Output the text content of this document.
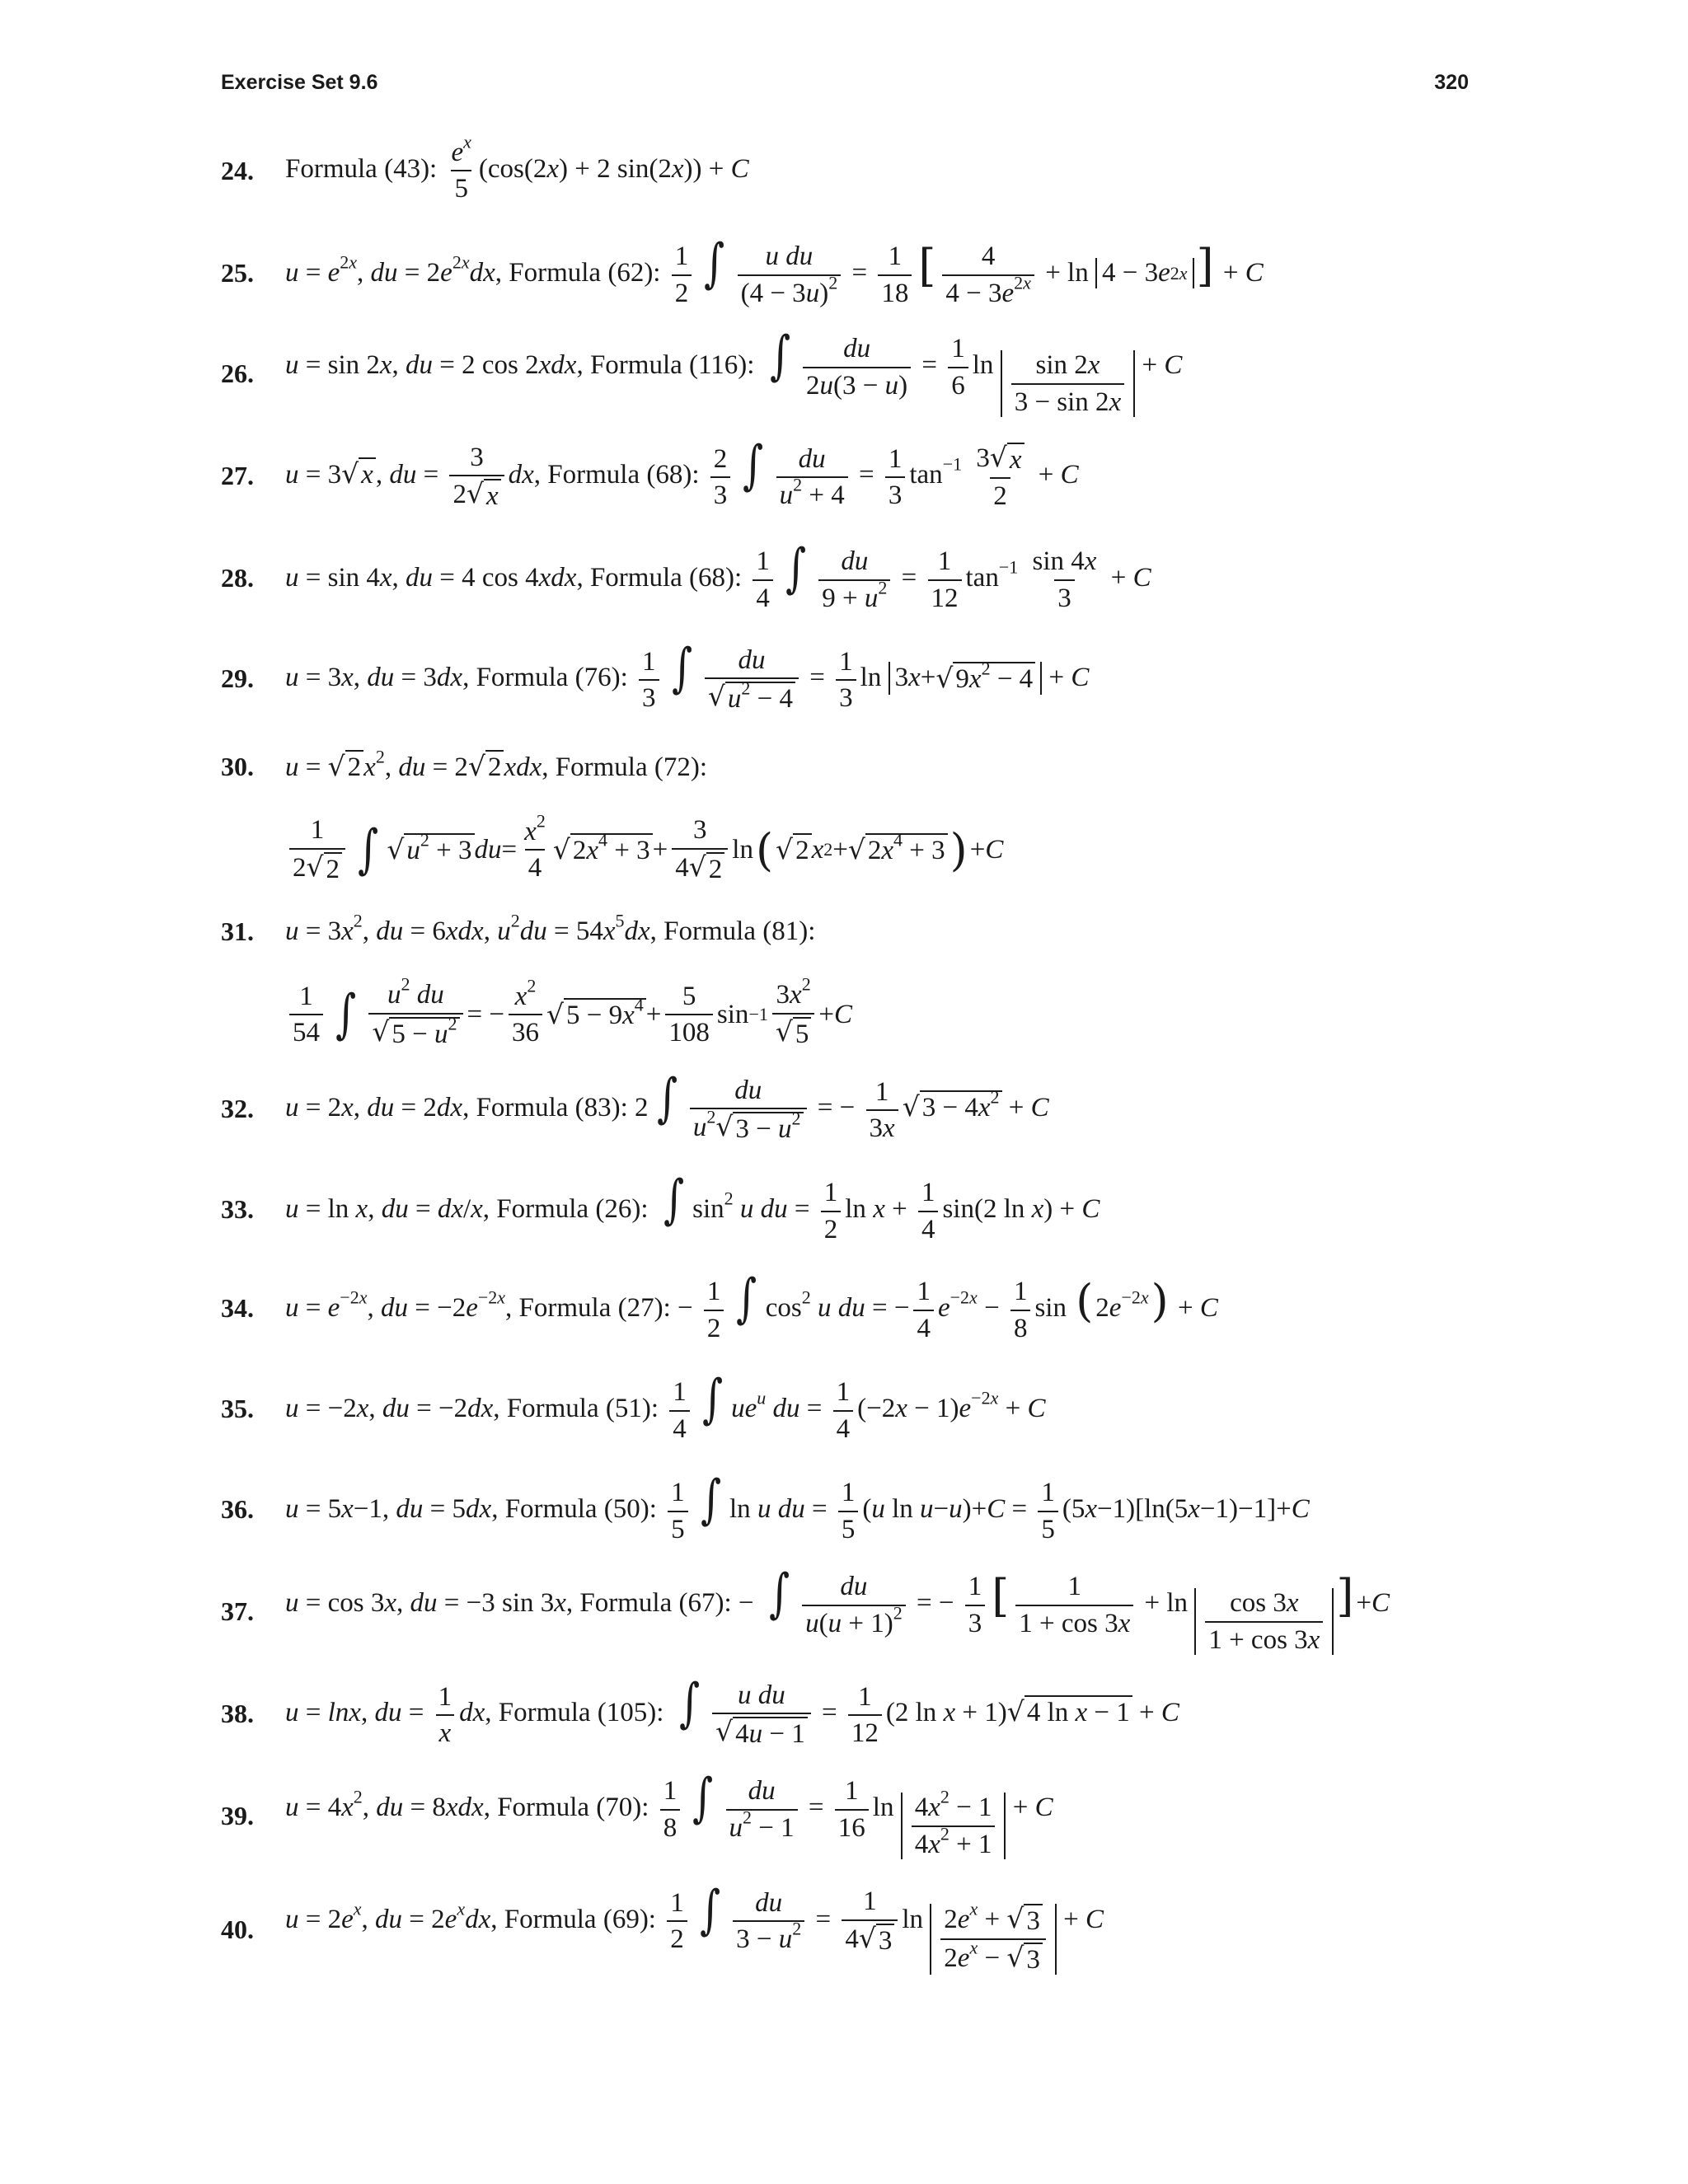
Exercise Set 9.6	320
24.	Formula (43): $\frac{e^x}{5} (\cos(2x) + 2$ sin(2x)) + C
25.	$u = e^{2x}$, du = $2e^{2x}dx$, Formula (62): $\frac{1}{2}$ ∫ $\frac{\text{u du}}{(4 - 3u)^2} = \frac{1}{18}$ [ $\frac{4}{4 - 3e^{2x}} + \ln 4 - 3$ e 2x ] + C
26.	u = sin 2x, du = 2 cos 2xdx, Formula (116): ∫ $\frac{du}{2u(3 - u)} = \frac{1}{6}$ $\ln \frac{\sin 2x}{3 - \sin 2x} + C$
27.	u = 3 √ x , du = $\frac{3}{2 √ x}$ dx, Formula (68): $\frac{2}{3}$ ∫ $\frac{du}{u^2 + 4} = \frac{1}{3} \tan^{-1} \frac{3 √ x}{2} + C$
28.	u = sin 4x, du = 4 cos 4xdx, Formula (68): $\frac{1}{4}$ ∫ $\frac{du}{9 + u^2} = \frac{1}{12} \tan^{-1} \frac{\sin 4x}{3} + C$
29.	u = 3x, du = 3dx, Formula (76): $\frac{1}{3}$ ∫ $\frac{du}{√ u^2 - 4} = \frac{1}{3}$ ln 3 x + √ $9x^2 - 4 + C$
30.	u = √ 2 $x^2$, du = 2 √ 2 xdx, Formula (72):
$\frac{1}{2 √ 2}$ ∫ √ $u^2 + 3$ du = $\frac{x^2}{4}$ √ $2x^4 + 3 + \frac{3}{4 √ 2}$ ln ( √ 2 x 2 + √ $2x^4 + 3$ ) + C
31.	$u = 3x^2$, du = 6xdx, $u^2du = 54x^5dx$, Formula (81):
$\frac{1}{54}$ ∫ $\frac{u^2 du}{√ 5 - u^2}$ = − $\frac{x^2}{36}$ √ $5 - 9x^4 + \frac{5}{108}$ $\sin -1 \frac{3x^2}{√ 5} + C$
32.	u = 2x, du = 2dx, Formula (83): 2 ∫ $\frac{du}{u^2 √ 3 - u^2}$ = − $\frac{1}{3x}$ √ $3 - 4x^2 + C$
33.	u = ln x, du = dx/x, Formula (26): ∫ $\sin^2 u$ du = $\frac{1}{2}$ $\ln x + \frac{1}{4} \sin(2$ ln x) + C
34.	$u = e^{-2x}$, du = $-2e^{-2x}$, Formula (27): − $\frac{1}{2}$ ∫ $\cos^2 u$ du = − $\frac{1}{4} e^{-2x} - \frac{1}{8}$ $\sin (2e^{-2x}) + C$
35.	u = −2x, du = −2dx, Formula (51): $\frac{1}{4}$ ∫ $ue^u$ du = $\frac{1}{4} (-2x - 1)e^{-2x} + C$
36.	u = 5x−1, du = 5dx, Formula (50): $\frac{1}{5}$ ∫ ln u du = $\frac{1}{5} (u$ $\ln u-u)+C = \frac{1}{5} (5x-1)[\ln(5x-1)-1]+C$
37.	u = cos 3x, du = −3 sin 3x, Formula (67): − ∫ $\frac{du}{u(u + 1)^2}$ = − $\frac{1}{3}$ [ $\frac{1}{1 + \cos 3x} + \ln \frac{\cos 3x}{1 + \cos 3x} ]+C$
38.	u = lnx, du = $\frac{1}{x}$ dx, Formula (105): ∫ $\frac{\text{u du}}{√ 4u - 1} = \frac{1}{12} (2$ ln x + 1) √ 4 ln x − 1 + C
39.	$u = 4x^2$, du = 8xdx, Formula (70): $\frac{1}{8}$ ∫ $\frac{du}{u^2 - 1} = \frac{1}{16}$ $\ln \frac{4x^2 - 1}{4x^2 + 1} + C$
40.	$u = 2e^x$, du = $2e^xdx$, Formula (69): $\frac{1}{2}$ ∫ $\frac{du}{3 - u^2} = \frac{1}{4 √ 3}$ $\ln \frac{2e^x + √ 3}{2e^x - √ 3} + C$
